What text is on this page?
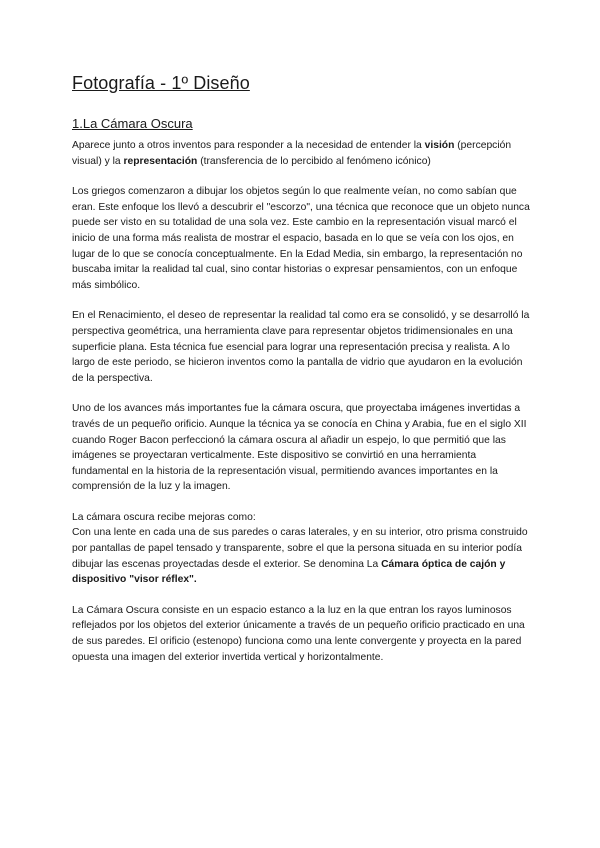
Fotografía - 1º Diseño
1.La Cámara Oscura

Aparece junto a otros inventos para responder a la necesidad de entender la visión (percepción visual) y la representación (transferencia de lo percibido al fenómeno icónico)

Los griegos comenzaron a dibujar los objetos según lo que realmente veían, no como sabían que eran. Este enfoque los llevó a descubrir el "escorzo", una técnica que reconoce que un objeto nunca puede ser visto en su totalidad de una sola vez. Este cambio en la representación visual marcó el inicio de una forma más realista de mostrar el espacio, basada en lo que se veía con los ojos, en lugar de lo que se conocía conceptualmente. En la Edad Media, sin embargo, la representación no buscaba imitar la realidad tal cual, sino contar historias o expresar pensamientos, con un enfoque más simbólico.

En el Renacimiento, el deseo de representar la realidad tal como era se consolidó, y se desarrolló la perspectiva geométrica, una herramienta clave para representar objetos tridimensionales en una superficie plana. Esta técnica fue esencial para lograr una representación precisa y realista. A lo largo de este periodo, se hicieron inventos como la pantalla de vidrio que ayudaron en la evolución de la perspectiva.

Uno de los avances más importantes fue la cámara oscura, que proyectaba imágenes invertidas a través de un pequeño orificio. Aunque la técnica ya se conocía en China y Arabia, fue en el siglo XII cuando Roger Bacon perfeccionó la cámara oscura al añadir un espejo, lo que permitió que las imágenes se proyectaran verticalmente. Este dispositivo se convirtió en una herramienta fundamental en la historia de la representación visual, permitiendo avances importantes en la comprensión de la luz y la imagen.

La cámara oscura recibe mejoras como:

Con una lente en cada una de sus paredes o caras laterales, y en su interior, otro prisma construido por pantallas de papel tensado y transparente, sobre el que la persona situada en su interior podía dibujar las escenas proyectadas desde el exterior. Se denomina La Cámara óptica de cajón y dispositivo "visor réflex".

La Cámara Oscura consiste en un espacio estanco a la luz en la que entran los rayos luminosos reflejados por los objetos del exterior únicamente a través de un pequeño orificio practicado en una de sus paredes. El orificio (estenopo) funciona como una lente convergente y proyecta en la pared opuesta una imagen del exterior invertida vertical y horizontalmente.
